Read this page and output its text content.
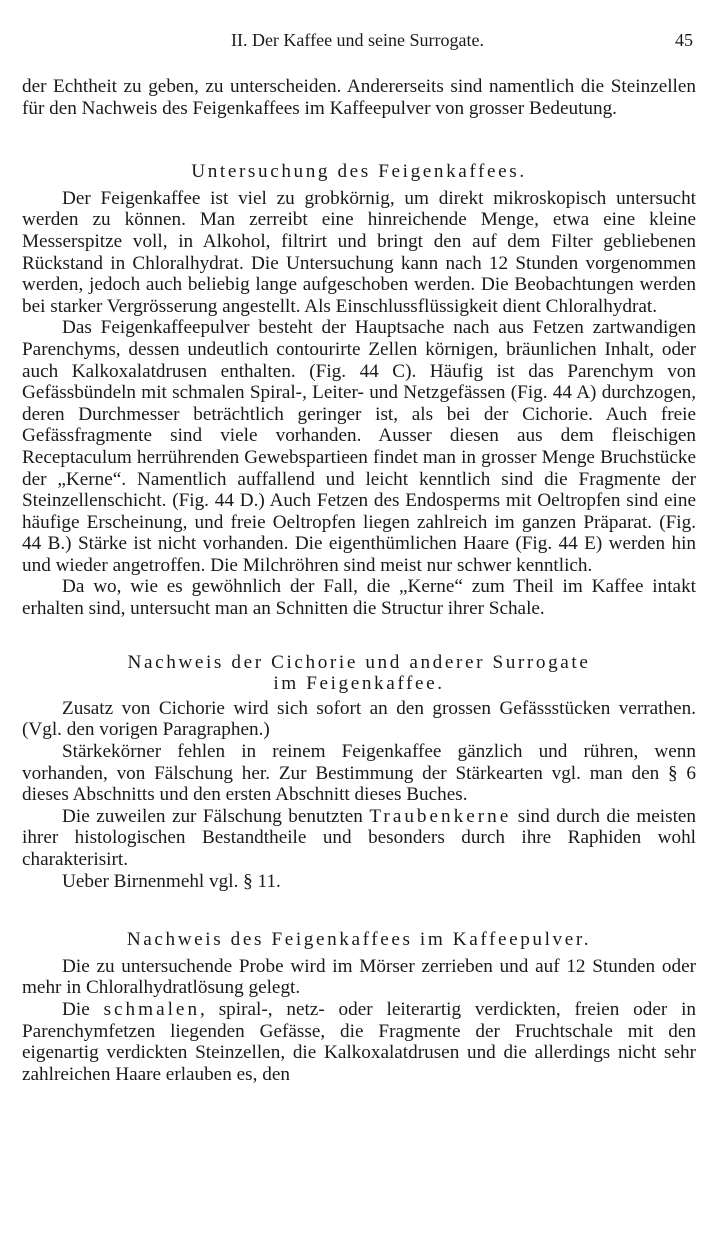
II. Der Kaffee und seine Surrogate.	45

der Echtheit zu geben, zu unterscheiden. Andererseits sind namentlich die Steinzellen für den Nachweis des Feigenkaffees im Kaffeepulver von grosser Bedeutung.

Untersuchung des Feigenkaffees.

Der Feigenkaffee ist viel zu grobkörnig, um direkt mikroskopisch untersucht werden zu können. Man zerreibt eine hinreichende Menge, etwa eine kleine Messerspitze voll, in Alkohol, filtrirt und bringt den auf dem Filter gebliebenen Rückstand in Chloralhydrat. Die Untersuchung kann nach 12 Stunden vorgenommen werden, jedoch auch beliebig lange aufgeschoben werden. Die Beobachtungen werden bei starker Vergrösserung angestellt. Als Einschlussflüssigkeit dient Chloralhydrat.

Das Feigenkaffeepulver besteht der Hauptsache nach aus Fetzen zartwandigen Parenchyms, dessen undeutlich contourirte Zellen körnigen, bräunlichen Inhalt, oder auch Kalkoxalatdrusen enthalten. (Fig. 44 C). Häufig ist das Parenchym von Gefässbündeln mit schmalen Spiral-, Leiter- und Netzgefässen (Fig. 44 A) durchzogen, deren Durchmesser beträchtlich geringer ist, als bei der Cichorie. Auch freie Gefässfragmente sind viele vorhanden. Ausser diesen aus dem fleischigen Receptaculum herrührenden Gewebspartieen findet man in grosser Menge Bruchstücke der „Kerne“. Namentlich auffallend und leicht kenntlich sind die Fragmente der Steinzellenschicht. (Fig. 44 D.) Auch Fetzen des Endosperms mit Oeltropfen sind eine häufige Erscheinung, und freie Oeltropfen liegen zahlreich im ganzen Präparat. (Fig. 44 B.) Stärke ist nicht vorhanden. Die eigenthümlichen Haare (Fig. 44 E) werden hin und wieder angetroffen. Die Milchröhren sind meist nur schwer kenntlich.

Da wo, wie es gewöhnlich der Fall, die „Kerne“ zum Theil im Kaffee intakt erhalten sind, untersucht man an Schnitten die Structur ihrer Schale.

Nachweis der Cichorie und anderer Surrogate
im Feigenkaffee.

Zusatz von Cichorie wird sich sofort an den grossen Gefässstücken verrathen. (Vgl. den vorigen Paragraphen.)

Stärkekörner fehlen in reinem Feigenkaffee gänzlich und rühren, wenn vorhanden, von Fälschung her. Zur Bestimmung der Stärkearten vgl. man den § 6 dieses Abschnitts und den ersten Abschnitt dieses Buches.

Die zuweilen zur Fälschung benutzten Traubenkerne sind durch die meisten ihrer histologischen Bestandtheile und besonders durch ihre Raphiden wohl charakterisirt.

Ueber Birnenmehl vgl. § 11.

Nachweis des Feigenkaffees im Kaffeepulver.

Die zu untersuchende Probe wird im Mörser zerrieben und auf 12 Stunden oder mehr in Chloralhydratlösung gelegt.

Die schmalen, spiral-, netz- oder leiterartig verdickten, freien oder in Parenchymfetzen liegenden Gefässe, die Fragmente der Fruchtschale mit den eigenartig verdickten Steinzellen, die Kalkoxalatdrusen und die allerdings nicht sehr zahlreichen Haare erlauben es, den
